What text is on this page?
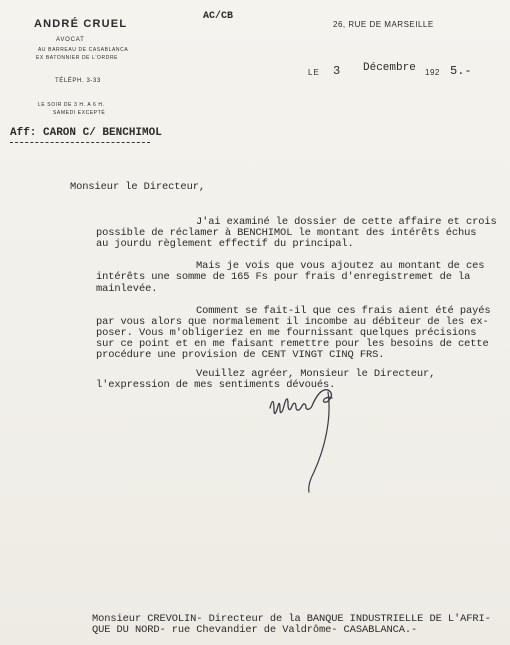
ANDRÉ CRUEL
AVOCAT
AU BARREAU DE CASABLANCA
EX BATONNIER DE L'ORDRE
TÉLÉPH. 3-33
LE SOIR DE 3 H. A 6 H.
SAMEDI EXCEPTÉ
AC/CB
26, RUE DE MARSEILLE
LE 3 Décembre 192 5.-
Aff: CARON C/ BENCHIMOL
Monsieur le Directeur,
J'ai examiné le dossier de cette affaire et crois
possible de réclamer à BENCHIMOL le montant des intérêts échus
au jourdu règlement effectif du principal.
Mais je vois que vous ajoutez au montant de ces
intérêts une somme de 165 Fs pour frais d'enregistremet de la
mainlevée.
Comment se fait-il que ces frais aient été payés
par vous alors que normalement il incombe au débiteur de les ex-
poser. Vous m'obligeriez en me fournissant quelques précisions
sur ce point et en me faisant remettre pour les besoins de cette
procédure une provision de CENT VINGT CINQ FRS.
Veuillez agréer, Monsieur le Directeur,
l'expression de mes sentiments dévoués.
Monsieur CREVOLIN- Directeur de la BANQUE INDUSTRIELLE DE L'AFRI-
QUE DU NORD- rue Chevandier de Valdrôme- CASABLANCA.-
